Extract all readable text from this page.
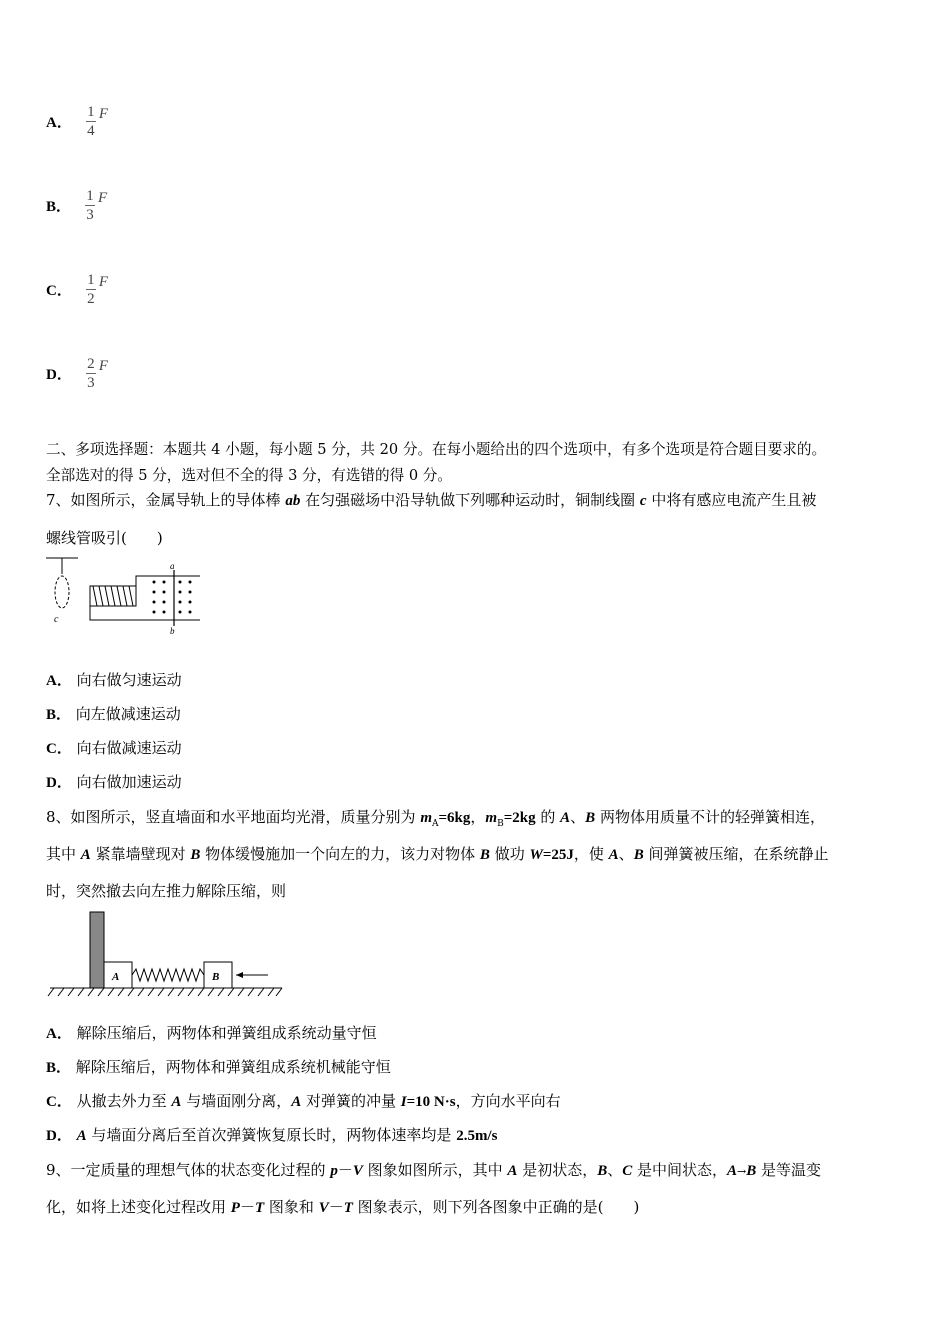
A． $\frac{1}{4}$ F
B． $\frac{1}{3}$ F
C． $\frac{1}{2}$ F
D． $\frac{2}{3}$ F
二、多项选择题：本题共 4 小题，每小题 5 分，共 20 分。在每小题给出的四个选项中，有多个选项是符合题目要求的。
全部选对的得 5 分，选对但不全的得 3 分，有选错的得 0 分。
7、如图所示，金属导轨上的导体棒 ab 在匀强磁场中沿导轨做下列哪种运动时，铜制线圈 c 中将有感应电流产生且被
螺线管吸引(　　)
c
a
b
A． 向右做匀速运动
B． 向左做减速运动
C． 向右做减速运动
D． 向右做加速运动
8、如图所示，竖直墙面和水平地面均光滑，质量分别为 $m_A=6kg$，$m_B=2kg$ 的 A、B 两物体用质量不计的轻弹簧相连，
其中 A 紧靠墙壁现对 B 物体缓慢施加一个向左的力，该力对物体 B 做功 W=25J，使 A、B 间弹簧被压缩，在系统静止
时，突然撤去向左推力解除压缩，则
A	B
A． 解除压缩后，两物体和弹簧组成系统动量守恒
B． 解除压缩后，两物体和弹簧组成系统机械能守恒
C． 从撤去外力至 A 与墙面刚分离，A 对弹簧的冲量 I=10 N·s，方向水平向右
D． A 与墙面分离后至首次弹簧恢复原长时，两物体速率均是 2.5m/s
9、一定质量的理想气体的状态变化过程的 p－V 图象如图所示，其中 A 是初状态，B、C 是中间状态，A→B 是等温变
化，如将上述变化过程改用 P－T 图象和 V－T 图象表示，则下列各图象中正确的是(　　)
